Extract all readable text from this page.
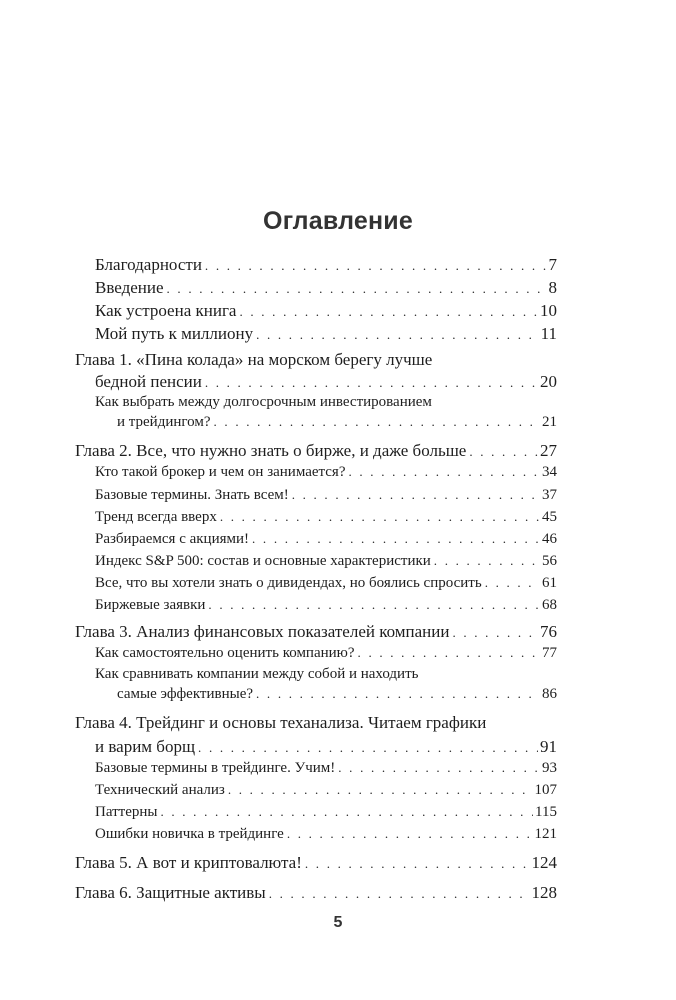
Оглавление
Благодарности . . .	7
Введение . . .	8
Как устроена книга . . .	10
Мой путь к миллиону . . .	11
Глава 1. «Пина колада» на морском берегу лучше
бедной пенсии . . .	20
Как выбрать между долгосрочным инвестированием
и трейдингом? . . .	21
Глава 2. Все, что нужно знать о бирже, и даже больше . . .	27
Кто такой брокер и чем он занимается? . . .	34
Базовые термины. Знать всем! . . .	37
Тренд всегда вверх . . .	45
Разбираемся с акциями! . . .	46
Индекс S&P 500: состав и основные характеристики . . .	56
Все, что вы хотели знать о дивидендах, но боялись спросить . . .	61
Биржевые заявки . . .	68
Глава 3. Анализ финансовых показателей компании . . .	76
Как самостоятельно оценить компанию? . . .	77
Как сравнивать компании между собой и находить
самые эффективные? . . .	86
Глава 4. Трейдинг и основы теханализа. Читаем графики
и варим борщ . . .	91
Базовые термины в трейдинге. Учим! . . .	93
Технический анализ . . .	107
Паттерны . . .	115
Ошибки новичка в трейдинге . . .	121
Глава 5. А вот и криптовалюта! . . .	124
Глава 6. Защитные активы . . .	128
5
